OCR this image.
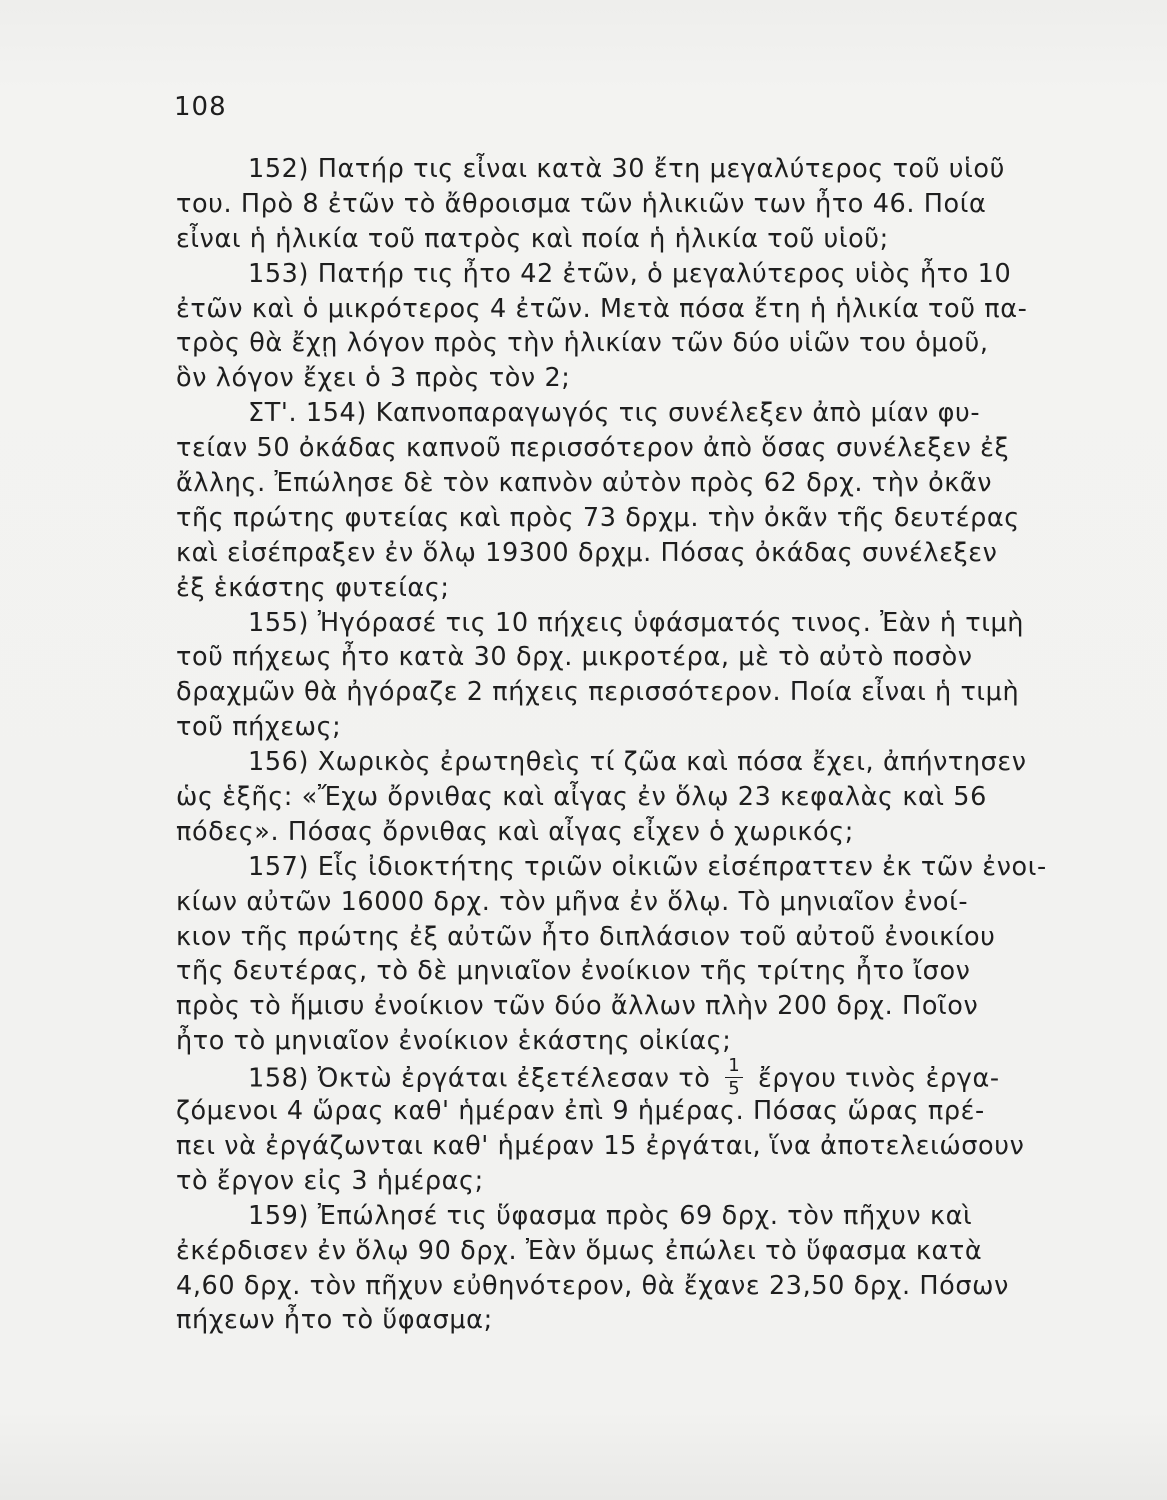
108
152) Πατήρ τις εἶναι κατὰ 30 ἔτη μεγαλύτερος τοῦ υἱοῦ
του. Πρὸ 8 ἐτῶν τὸ ἄθροισμα τῶν ἡλικιῶν των ἦτο 46. Ποία
εἶναι ἡ ἡλικία τοῦ πατρὸς καὶ ποία ἡ ἡλικία τοῦ υἱοῦ;
153) Πατήρ τις ἦτο 42 ἐτῶν, ὁ μεγαλύτερος υἱὸς ἦτο 10
ἐτῶν καὶ ὁ μικρότερος 4 ἐτῶν. Μετὰ πόσα ἔτη ἡ ἡλικία τοῦ πα-
τρὸς θὰ ἔχῃ λόγον πρὸς τὴν ἡλικίαν τῶν δύο υἱῶν του ὁμοῦ,
ὃν λόγον ἔχει ὁ 3 πρὸς τὸν 2;
ΣΤ'. 154) Καπνοπαραγωγός τις συνέλεξεν ἀπὸ μίαν φυ-
τείαν 50 ὀκάδας καπνοῦ περισσότερον ἀπὸ ὅσας συνέλεξεν ἐξ
ἄλλης. Ἐπώλησε δὲ τὸν καπνὸν αὐτὸν πρὸς 62 δρχ. τὴν ὀκᾶν
τῆς πρώτης φυτείας καὶ πρὸς 73 δρχμ. τὴν ὀκᾶν τῆς δευτέρας
καὶ εἰσέπραξεν ἐν ὅλῳ 19300 δρχμ. Πόσας ὀκάδας συνέλεξεν
ἐξ ἑκάστης φυτείας;
155) Ἠγόρασέ τις 10 πήχεις ὑφάσματός τινος. Ἐὰν ἡ τιμὴ
τοῦ πήχεως ἦτο κατὰ 30 δρχ. μικροτέρα, μὲ τὸ αὐτὸ ποσὸν
δραχμῶν θὰ ἠγόραζε 2 πήχεις περισσότερον. Ποία εἶναι ἡ τιμὴ
τοῦ πήχεως;
156) Χωρικὸς ἐρωτηθεὶς τί ζῶα καὶ πόσα ἔχει, ἀπήντησεν
ὡς ἑξῆς: «Ἔχω ὄρνιθας καὶ αἶγας ἐν ὅλῳ 23 κεφαλὰς καὶ 56
πόδες». Πόσας ὄρνιθας καὶ αἶγας εἶχεν ὁ χωρικός;
157) Εἷς ἰδιοκτήτης τριῶν οἰκιῶν εἰσέπραττεν ἐκ τῶν ἐνοι-
κίων αὐτῶν 16000 δρχ. τὸν μῆνα ἐν ὅλῳ. Τὸ μηνιαῖον ἐνοί-
κιον τῆς πρώτης ἐξ αὐτῶν ἦτο διπλάσιον τοῦ αὐτοῦ ἐνοικίου
τῆς δευτέρας, τὸ δὲ μηνιαῖον ἐνοίκιον τῆς τρίτης ἦτο ἴσον
πρὸς τὸ ἥμισυ ἐνοίκιον τῶν δύο ἄλλων πλὴν 200 δρχ. Ποῖον
ἦτο τὸ μηνιαῖον ἐνοίκιον ἑκάστης οἰκίας;
158) Ὀκτὼ ἐργάται ἐξετέλεσαν τὸ $\frac{1}{5}$ ἔργου τινὸς ἐργα-
ζόμενοι 4 ὥρας καθ' ἡμέραν ἐπὶ 9 ἡμέρας. Πόσας ὥρας πρέ-
πει νὰ ἐργάζωνται καθ' ἡμέραν 15 ἐργάται, ἵνα ἀποτελειώσουν
τὸ ἔργον εἰς 3 ἡμέρας;
159) Ἐπώλησέ τις ὕφασμα πρὸς 69 δρχ. τὸν πῆχυν καὶ
ἐκέρδισεν ἐν ὅλῳ 90 δρχ. Ἐὰν ὅμως ἐπώλει τὸ ὕφασμα κατὰ
4,60 δρχ. τὸν πῆχυν εὐθηνότερον, θὰ ἔχανε 23,50 δρχ. Πόσων
πήχεων ἦτο τὸ ὕφασμα;
